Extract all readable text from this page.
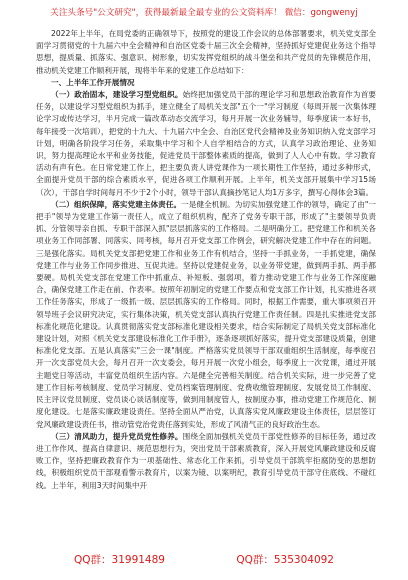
关注头条号"公文研究"，获得最新最全最专业的公文资料库！ 微信：gongwenyj

2022年上半年，在局党委的正确领导下，按照党的建设工作会议的总体部署要求，机关党支部全面学习贯彻党的十九届六中全会精神和自治区党委十届三次全会精神，坚持抓好党建促业务这个指导思想，提质量、抓落实、强意识、树形象，切实发挥党组织的战斗堡垒和共产党员的先锋模范作用，推动机关党建工作顺利开展，现将半年来的党建工作总结如下：

一、上半年工作开展情况

（一）政治固本，建设学习型党组织。始终把加强党员干部的理论学习和思想政治教育作为首要任务，以建设学习型党组织为抓手，建立健全了局机关支部"五个一"学习制度（每周开展一次集体理论学习或传达学习，半月完成一篇改革动态交流学习，每月开展一次业务辅导，每季度读一本好书，每年接受一次培训），把党的十九大、十九届六中全会、自治区党代会精神及业务知识纳入党支部学习计划，明确各阶段学习任务，采取集中学习和个人自学相结合的方式，认真学习政治理论、业务知识，努力提高理论水平和业务技能，促进党员干部整体素质的提高，做到了人人心中有数。学习教育活动有声有色。在日常党建工作上，把主要负责人讲党课作为一项长期性工作坚持，通过多种形式，全面提升党员干部的综合素质水平，促进各项工作顺利开展。上半年，机关支部开展集中学习15场（次），干部自学时间每月不少于2个小时，领导干部认真摘抄笔记人均1万多字，撰写心得体会3篇。

（二）组织保障，落实党建主体责任。一是健全机制。为切实加强党建工作的领导，确定了由"一把手"领导为党建工作第一责任人，成立了组织机构，配齐了党务专职干部，形成了"主要领导负责抓、分管领导亲自抓、专职干部深入抓"层层抓落实的工作格局。二是明确分工。把党建工作和机关各项业务工作同部署、同落实、同考核，每月召开党支部工作例会，研究解决党建工作中存在的问题。三是强化落实。局机关党支部把党建工作和业务工作有机结合，坚持一手抓业务，一手抓党建，确保党建工作与业务工作同步推进、互促共进。坚持以党建促业务，以业务带党建，做到两手抓、两手都要硬。局机关党支部在党建工作中抓重点、补短板、强弱项，着力推动党建工作与业务工作深度融合，确保党建工作走在前、作表率。按照年初制定的党建工作要点和党支部工作计划，扎实推进各项工作任务落实，形成了一级抓一级、层层抓落实的工作格局。同时，根据工作需要，重大事项须召开领导班子会议研究决定，实行集体决策，机关党支部认真执行党建工作责任制。四是扎实推进党支部标准化规范化建设。认真贯彻落实党支部标准化建设相关要求，结合实际制定了局机关党支部标准化建设计划，对照《机关党支部建设标准化工作手册》，逐条逐项抓好落实，提升党支部建设质量，创建标准化党支部。五是认真落实"三会一课"制度。严格落实党员领导干部双重组织生活制度，每季度召开一次支部党员大会，每月召开一次支委会，每月开展一次党小组会，每季度上一次党课，通过开展主题党日等活动，丰富党员组织生活内容。六是健全完善相关制度。结合机关实际，进一步完善了党建工作目标考核制度、党员学习制度、党员档案管理制度、党费收缴管理制度、发展党员工作制度、民主评议党员制度、党员谈心谈话制度等，做到用制度管人，按制度办事，推动党建工作规范化、制度化建设。七是落实廉政建设责任。坚持全面从严治党，认真落实党风廉政建设主体责任，层层签订党风廉政建设责任书，推动管党治党责任落到实处，形成了风清气正的良好政治生态。

（三）清风助力，提升党员党性修养。围绕全面加强机关党员干部党性修养的目标任务，通过改进工作作风、提高自律意识、规范思想行为，突出党员干部素质教育，深入开展党风廉政建设和反腐败工作，坚持把廉政教育作为一项基础性、常态化工作来抓，引导党员干部筑牢拒腐防变的思想防线，积极组织党员干部观看警示教育片，以案为镜、以案明纪，教育引导党员干部守住底线、不碰红线。上半年，利用3天时间集中开

QQ群：31991489	QQ群：535304092
